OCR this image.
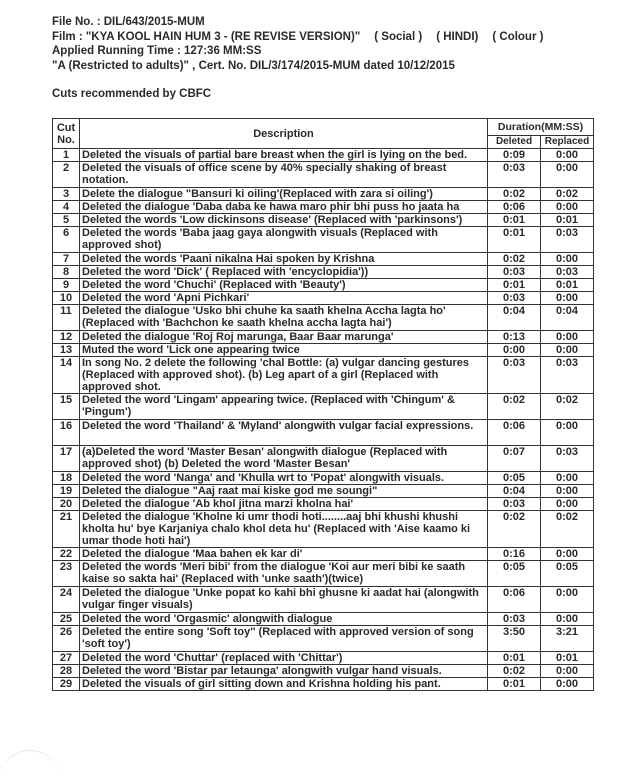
File No. : DIL/643/2015-MUM
Film : "KYA KOOL HAIN HUM 3 - (RE REVISE VERSION)" ( Social ) ( HINDI) ( Colour )
Applied Running Time : 127:36 MM:SS
"A (Restricted to adults)" , Cert. No. DIL/3/174/2015-MUM dated 10/12/2015
Cuts recommended by CBFC
Cut No.	Description	Duration(MM:SS)	
		Deleted	Replaced
1	Deleted the visuals of partial bare breast when the girl is lying on the bed.	0:09	0:00
2	Deleted the visuals of office scene by 40% specially shaking of breast notation.	0:03	0:00
3	Delete the dialogue "Bansuri ki oiling'(Replaced with zara si oiling')	0:02	0:02
4	Deleted the dialogue 'Daba daba ke hawa maro phir bhi puss ho jaata ha	0:06	0:00
5	Deleted the words 'Low dickinsons disease' (Replaced with 'parkinsons')	0:01	0:01
6	Deleted the words 'Baba jaag gaya alongwith visuals (Replaced with approved shot)	0:01	0:03
7	Deleted the words 'Paani nikalna Hai spoken by Krishna	0:02	0:00
8	Deleted the word 'Dick' ( Replaced with 'encyclopidia'))	0:03	0:03
9	Deleted the word 'Chuchi' (Replaced with 'Beauty')	0:01	0:01
10	Deleted the word 'Apni Pichkari'	0:03	0:00
11	Deleted the dialogue 'Usko bhi chuhe ka saath khelna Accha lagta ho' (Replaced with 'Bachchon ke saath khelna accha lagta hai')	0:04	0:04
12	Deleted the dialogue 'Roj Roj marunga, Baar Baar marunga'	0:13	0:00
13	Muted the word 'Lick one appearing twice	0:00	0:00
14	In song No. 2 delete the following 'chal Bottle: (a) vulgar dancing gestures (Replaced with approved shot). (b) Leg apart of a girl (Replaced with approved shot.	0:03	0:03
15	Deleted the word 'Lingam' appearing twice. (Replaced with 'Chingum' & 'Pingum')	0:02	0:02
16	Deleted the word 'Thailand' & 'Myland' alongwith vulgar facial expressions.	0:06	0:00
17	(a)Deleted the word 'Master Besan' alongwith dialogue (Replaced with approved shot) (b) Deleted the word 'Master Besan'	0:07	0:03
18	Deleted the word 'Nanga' and 'Khulla wrt to 'Popat' alongwith visuals.	0:05	0:00
19	Deleted the dialogue "Aaj raat mai kiske god me soungi"	0:04	0:00
20	Deleted the dialogue 'Ab khol jitna marzi kholna hai'	0:03	0:00
21	Deleted the dialogue 'Kholne ki umr thodi hoti........aaj bhi khushi khushi kholta hu' bye Karjaniya chalo khol deta hu' (Replaced with 'Aise kaamo ki umar thode hoti hai')	0:02	0:02
22	Deleted the dialogue 'Maa bahen ek kar di'	0:16	0:00
23	Deleted the words 'Meri bibi' from the dialogue 'Koi aur meri bibi ke saath kaise so sakta hai' (Replaced with 'unke saath')(twice)	0:05	0:05
24	Deleted the dialogue 'Unke popat ko kahi bhi ghusne ki aadat hai (alongwith vulgar finger visuals)	0:06	0:00
25	Deleted the word 'Orgasmic' alongwith dialogue	0:03	0:00
26	Deleted the entire song 'Soft toy'' (Replaced with approved version of song 'soft toy')	3:50	3:21
27	Deleted the word 'Chuttar' (replaced with 'Chittar')	0:01	0:01
28	Deleted the word 'Bistar par letaunga' alongwith vulgar hand visuals.	0:02	0:00
29	Deleted the visuals of girl sitting down and Krishna holding his pant.	0:01	0:00
